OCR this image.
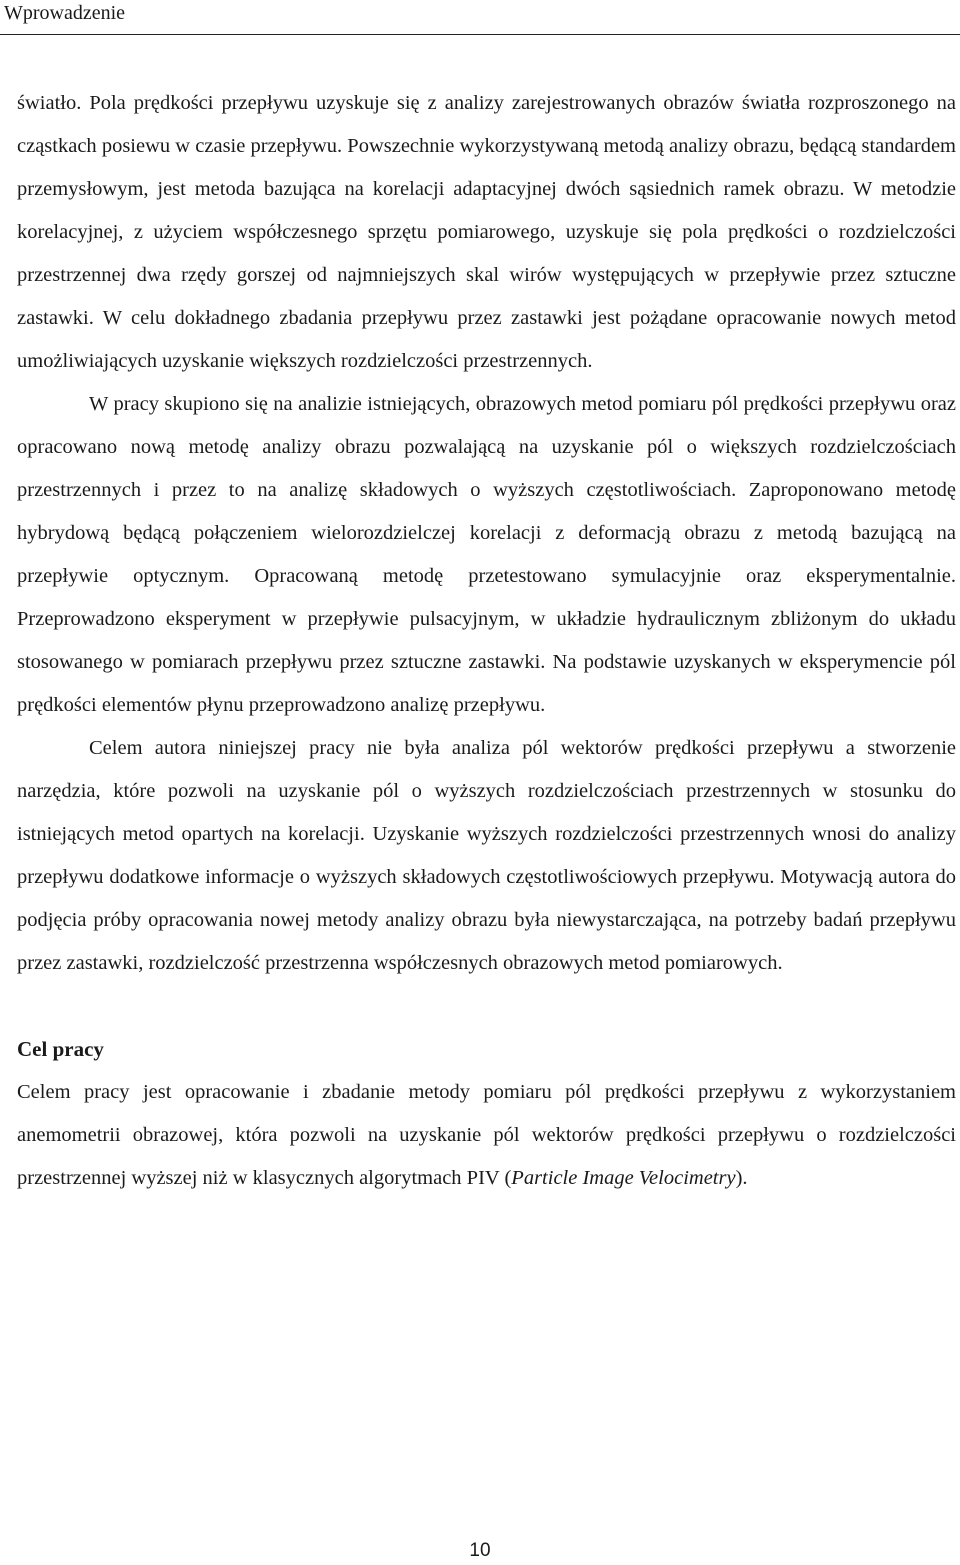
Wprowadzenie

światło. Pola prędkości przepływu uzyskuje się z analizy zarejestrowanych obrazów światła rozproszonego na cząstkach posiewu w czasie przepływu. Powszechnie wykorzystywaną metodą analizy obrazu, będącą standardem przemysłowym, jest metoda bazująca na korelacji adaptacyjnej dwóch sąsiednich ramek obrazu. W metodzie korelacyjnej, z użyciem współczesnego sprzętu pomiarowego, uzyskuje się pola prędkości o rozdzielczości przestrzennej dwa rzędy gorszej od najmniejszych skal wirów występujących w przepływie przez sztuczne zastawki. W celu dokładnego zbadania przepływu przez zastawki jest pożądane opracowanie nowych metod umożliwiających uzyskanie większych rozdzielczości przestrzennych.

W pracy skupiono się na analizie istniejących, obrazowych metod pomiaru pól prędkości przepływu oraz opracowano nową metodę analizy obrazu pozwalającą na uzyskanie pól o większych rozdzielczościach przestrzennych i przez to na analizę składowych o wyższych częstotliwościach. Zaproponowano metodę hybrydową będącą połączeniem wielorozdzielczej korelacji z deformacją obrazu z metodą bazującą na przepływie optycznym. Opracowaną metodę przetestowano symulacyjnie oraz eksperymentalnie. Przeprowadzono eksperyment w przepływie pulsacyjnym, w układzie hydraulicznym zbliżonym do układu stosowanego w pomiarach przepływu przez sztuczne zastawki. Na podstawie uzyskanych w eksperymencie pól prędkości elementów płynu przeprowadzono analizę przepływu.

Celem autora niniejszej pracy nie była analiza pól wektorów prędkości przepływu a stworzenie narzędzia, które pozwoli na uzyskanie pól o wyższych rozdzielczościach przestrzennych w stosunku do istniejących metod opartych na korelacji. Uzyskanie wyższych rozdzielczości przestrzennych wnosi do analizy przepływu dodatkowe informacje o wyższych składowych częstotliwościowych przepływu. Motywacją autora do podjęcia próby opracowania nowej metody analizy obrazu była niewystarczająca, na potrzeby badań przepływu przez zastawki, rozdzielczość przestrzenna współczesnych obrazowych metod pomiarowych.

Cel pracy

Celem pracy jest opracowanie i zbadanie metody pomiaru pól prędkości przepływu z wykorzystaniem anemometrii obrazowej, która pozwoli na uzyskanie pól wektorów prędkości przepływu o rozdzielczości przestrzennej wyższej niż w klasycznych algorytmach PIV (Particle Image Velocimetry).

10
